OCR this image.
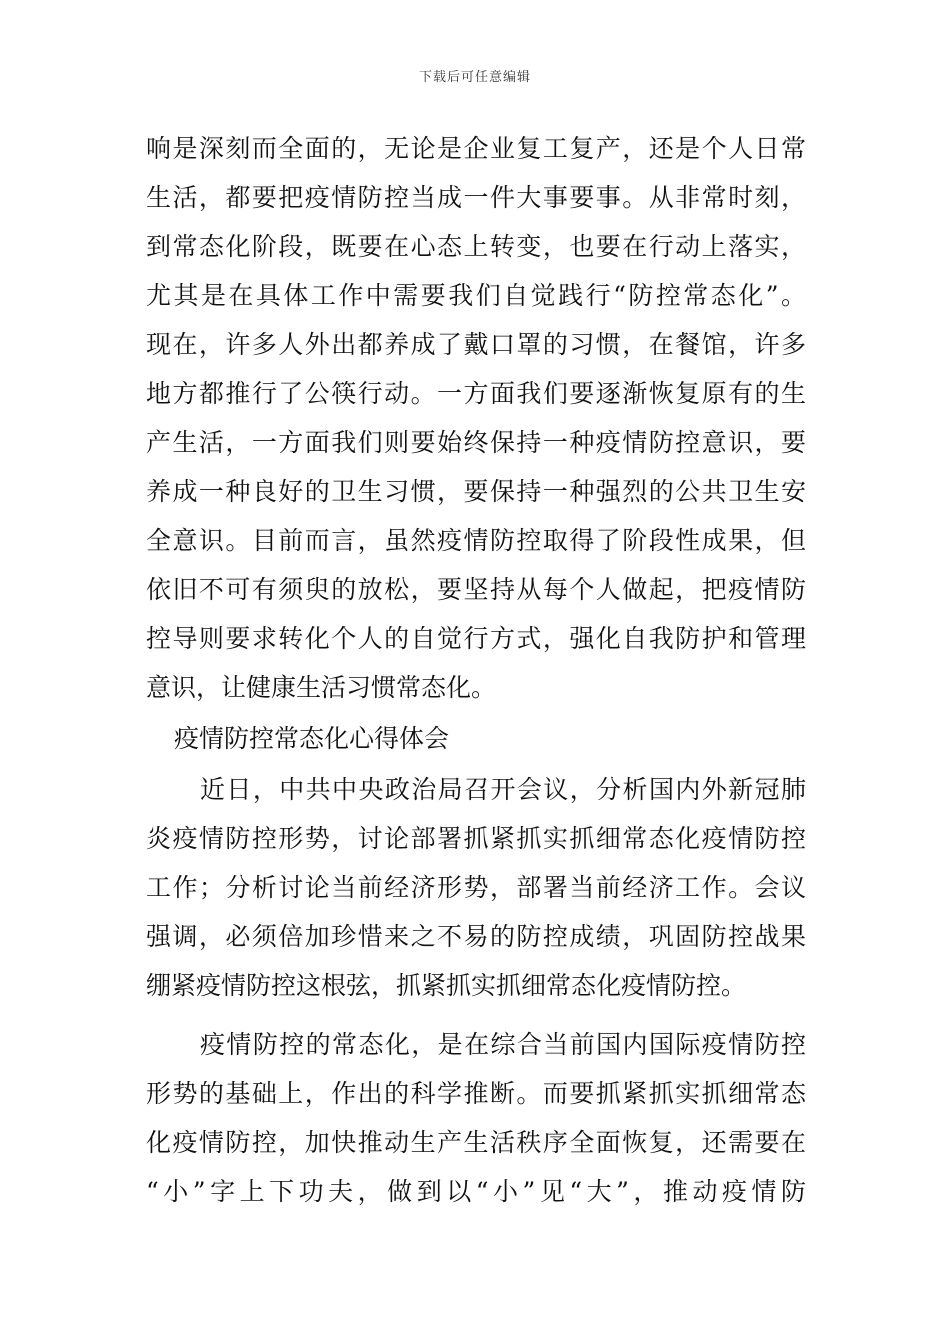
下载后可任意编辑
响是深刻而全面的，无论是企业复工复产，还是个人日常
生活，都要把疫情防控当成一件大事要事。从非常时刻，
到常态化阶段，既要在心态上转变，也要在行动上落实，
尤其是在具体工作中需要我们自觉践行“防控常态化”。
现在，许多人外出都养成了戴口罩的习惯，在餐馆，许多
地方都推行了公筷行动。一方面我们要逐渐恢复原有的生
产生活，一方面我们则要始终保持一种疫情防控意识，要
养成一种良好的卫生习惯，要保持一种强烈的公共卫生安
全意识。目前而言，虽然疫情防控取得了阶段性成果，但
依旧不可有须臾的放松，要坚持从每个人做起，把疫情防
控导则要求转化个人的自觉行方式，强化自我防护和管理
意识，让健康生活习惯常态化。
疫情防控常态化心得体会
近日，中共中央政治局召开会议，分析国内外新冠肺
炎疫情防控形势，讨论部署抓紧抓实抓细常态化疫情防控
工作；分析讨论当前经济形势，部署当前经济工作。会议
强调，必须倍加珍惜来之不易的防控成绩，巩固防控战果
绷紧疫情防控这根弦，抓紧抓实抓细常态化疫情防控。
疫情防控的常态化，是在综合当前国内国际疫情防控
形势的基础上，作出的科学推断。而要抓紧抓实抓细常态
化疫情防控，加快推动生产生活秩序全面恢复，还需要在
“小”字上下功夫，做到以“小”见“大”，推动疫情防
